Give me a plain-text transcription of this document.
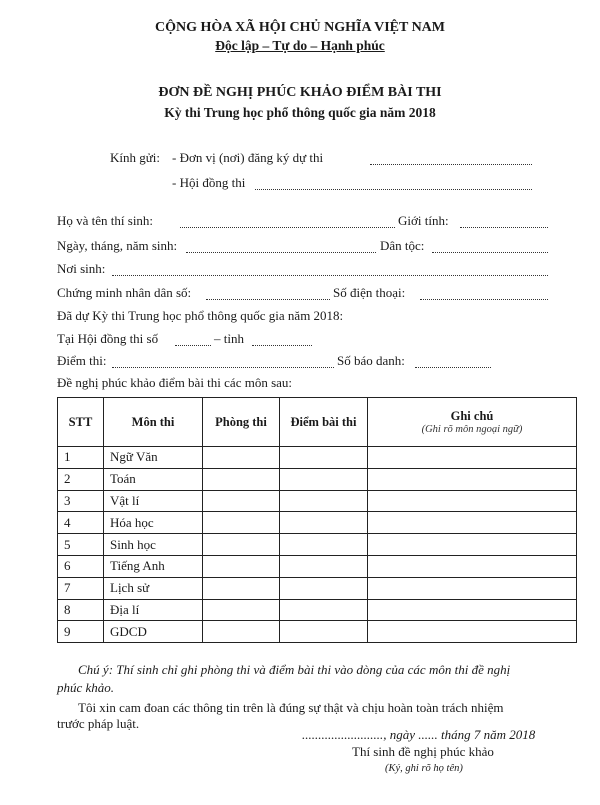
CỘNG HÒA XÃ HỘI CHỦ NGHĨA VIỆT NAM
Độc lập – Tự do – Hạnh phúc
ĐƠN ĐỀ NGHỊ PHÚC KHẢO ĐIỂM BÀI THI
Kỳ thi Trung học phổ thông quốc gia năm 2018
Kính gửi: - Đơn vị (nơi) đăng ký dự thi
- Hội đồng thi
Họ và tên thí sinh:	Giới tính:
Ngày, tháng, năm sinh:	Dân tộc:
Nơi sinh:
Chứng minh nhân dân số:	Số điện thoại:
Đã dự Kỳ thi Trung học phổ thông quốc gia năm 2018:
Tại Hội đồng thi số	– tỉnh
Điểm thi:	Số báo danh:
Đề nghị phúc khảo điểm bài thi các môn sau:
STT	Môn thi	Phòng thi	Điểm bài thi	Ghi chú
(Ghi rõ môn ngoại ngữ)

1	Ngữ Văn			
2	Toán			
3	Vật lí			
4	Hóa học			
5	Sinh học			
6	Tiếng Anh			
7	Lịch sử			
8	Địa lí			
9	GDCD			
Chú ý: Thí sinh chỉ ghi phòng thi và điểm bài thi vào dòng của các môn thi đề nghị
phúc khảo.
Tôi xin cam đoan các thông tin trên là đúng sự thật và chịu hoàn toàn trách nhiệm
trước pháp luật.
........................., ngày ...... tháng 7 năm 2018
Thí sinh đề nghị phúc khảo
(Ký, ghi rõ họ tên)
